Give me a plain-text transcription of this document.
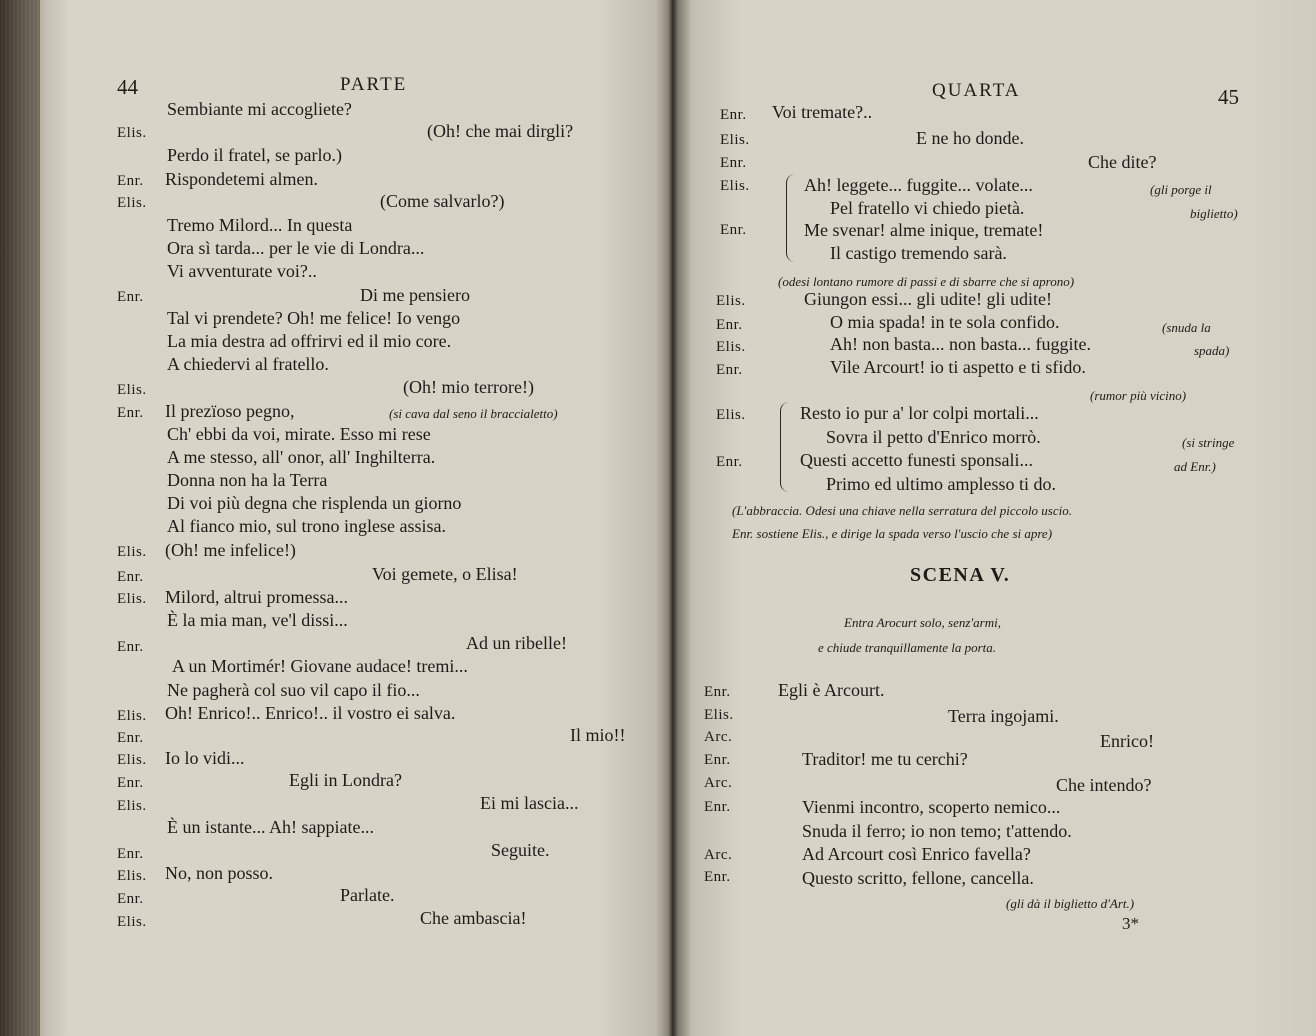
44	PARTE
Sembiante mi accogliete?
Elis.	(Oh! che mai dirgli?
Perdo il fratel, se parlo.)
Enr. Rispondetemi almen.
Elis.	(Come salvarlo?)
Tremo Milord... In questa
Ora sì tarda... per le vie di Londra...
Vi avventurate voi?..
Enr.	Di me pensiero
Tal vi prendete? Oh! me felice! Io vengo
La mia destra ad offrirvi ed il mio core.
A chiedervi al fratello.
Elis.	(Oh! mio terrore!)
Enr. Il prezïoso pegno,	(si cava dal seno il braccialetto)
Ch' ebbi da voi, mirate. Esso mi rese
A me stesso, all' onor, all' Inghilterra.
Donna non ha la Terra
Di voi più degna che risplenda un giorno
Al fianco mio, sul trono inglese assisa.
Elis. (Oh! me infelice!)
Enr.	Voi gemete, o Elisa!
Elis. Milord, altrui promessa...
È la mia man, ve'l dissi...
Enr.	Ad un ribelle!
A un Mortimér! Giovane audace! tremi...
Ne pagherà col suo vil capo il fio...
Elis. Oh! Enrico!.. Enrico!.. il vostro ei salva.
Enr.	Il mio!!
Elis. Io lo vidi...
Enr.	Egli in Londra?
Elis.	Ei mi lascia...
È un istante... Ah! sappiate...
Enr.	Seguite.
Elis. No, non posso.
Enr.	Parlate.
Elis.	Che ambascia!
QUARTA	45
Enr. Voi tremate?..
Elis.	E ne ho donde.
Enr.	Che dite?
Elis.	Ah! leggete... fuggite... volate...	(gli porge il
Pel fratello vi chiedo pietà.	biglietto)
Enr.	Me svenar! alme inique, tremate!
Il castigo tremendo sarà.
(odesi lontano rumore di passi e di sbarre che si aprono)
Elis.	Giungon essi... gli udite! gli udite!
Enr.	O mia spada! in te sola confido.	(snuda la
Elis.	Ah! non basta... non basta... fuggite.	spada)
Enr.	Vile Arcourt! io ti aspetto e ti sfido.
(rumor più vicino)
Elis.	Resto io pur a' lor colpi mortali...
Sovra il petto d'Enrico morrò.	(si stringe
Enr.	Questi accetto funesti sponsali...	ad Enr.)
Primo ed ultimo amplesso ti do.
(L'abbraccia. Odesi una chiave nella serratura del piccolo uscio.
Enr. sostiene Elis., e dirige la spada verso l'uscio che si apre)
SCENA V.
Entra Arocurt solo, senz'armi,
e chiude tranquillamente la porta.
Enr.	Egli è Arcourt.
Elis.	Terra ingojami.
Arc.	Enrico!
Enr.	Traditor! me tu cerchi?
Arc.	Che intendo?
Enr.	Vienmi incontro, scoperto nemico...
Snuda il ferro; io non temo; t'attendo.
Arc.	Ad Arcourt così Enrico favella?
Enr.	Questo scritto, fellone, cancella.
(gli dà il biglietto d'Art.)
3*
